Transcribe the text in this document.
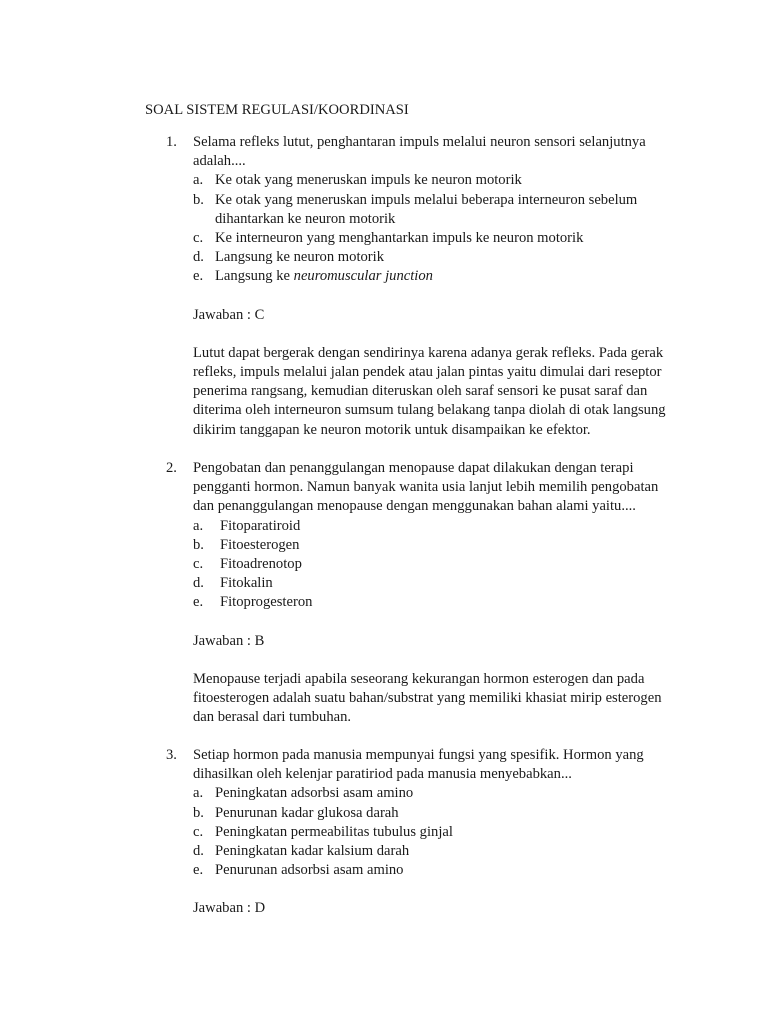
SOAL SISTEM REGULASI/KOORDINASI
1.	Selama refleks lutut, penghantaran impuls melalui neuron sensori selanjutnya adalah....
a. Ke otak yang meneruskan impuls ke neuron motorik
b. Ke otak yang meneruskan impuls melalui beberapa interneuron sebelum dihantarkan ke neuron motorik
c. Ke interneuron yang menghantarkan impuls ke neuron motorik
d. Langsung ke neuron motorik
e. Langsung ke neuromuscular junction
Jawaban : C
Lutut dapat bergerak dengan sendirinya karena adanya gerak refleks. Pada gerak refleks, impuls melalui jalan pendek atau jalan pintas yaitu dimulai dari reseptor penerima rangsang, kemudian diteruskan oleh saraf sensori ke pusat saraf dan diterima oleh interneuron sumsum tulang belakang tanpa diolah di otak langsung dikirim tanggapan ke neuron motorik untuk disampaikan ke efektor.
2.	Pengobatan dan penanggulangan menopause dapat dilakukan dengan terapi pengganti hormon. Namun banyak wanita usia lanjut lebih memilih pengobatan dan penanggulangan menopause dengan menggunakan bahan alami yaitu....
a.	Fitoparatiroid
b.	Fitoesterogen
c.	Fitoadrenotop
d.	Fitokalin
e.	Fitoprogesteron
Jawaban : B
Menopause terjadi apabila seseorang kekurangan hormon esterogen dan pada fitoesterogen adalah suatu bahan/substrat yang memiliki khasiat mirip esterogen dan berasal dari tumbuhan.
3.	Setiap hormon pada manusia mempunyai fungsi yang spesifik. Hormon yang dihasilkan oleh kelenjar paratiriod pada manusia menyebabkan...
a. Peningkatan adsorbsi asam amino
b. Penurunan kadar glukosa darah
c. Peningkatan permeabilitas tubulus ginjal
d. Peningkatan kadar kalsium darah
e. Penurunan adsorbsi asam amino
Jawaban : D
